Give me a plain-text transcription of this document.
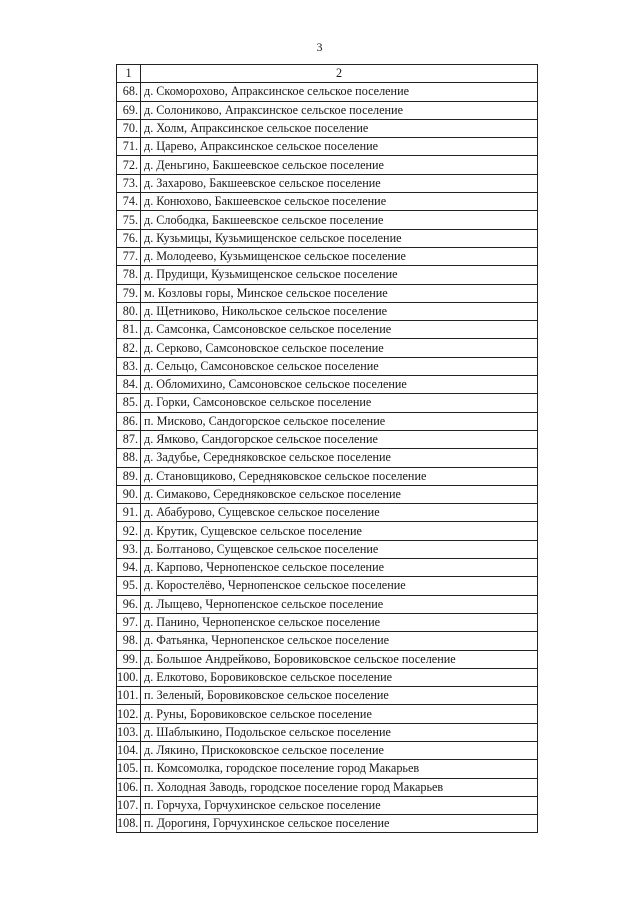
3
1	2
68.	д. Скоморохово, Апраксинское сельское поселение
69.	д. Солониково, Апраксинское сельское поселение
70.	д. Холм, Апраксинское сельское поселение
71.	д. Царево, Апраксинское сельское поселение
72.	д. Деньгино, Бакшеевское сельское поселение
73.	д. Захарово, Бакшеевское сельское поселение
74.	д. Конюхово, Бакшеевское сельское поселение
75.	д. Слободка, Бакшеевское сельское поселение
76.	д. Кузьмицы, Кузьмищенское сельское поселение
77.	д. Молодеево, Кузьмищенское сельское поселение
78.	д. Прудищи, Кузьмищенское сельское поселение
79.	м. Козловы горы, Минское сельское поселение
80.	д. Щетниково, Никольское сельское поселение
81.	д. Самсонка, Самсоновское сельское поселение
82.	д. Серково, Самсоновское сельское поселение
83.	д. Сельцо, Самсоновское сельское поселение
84.	д. Обломихино, Самсоновское сельское поселение
85.	д. Горки, Самсоновское сельское поселение
86.	п. Мисково, Сандогорское сельское поселение
87.	д. Ямково, Сандогорское сельское поселение
88.	д. Задубье, Середняковское сельское поселение
89.	д. Становщиково, Середняковское сельское поселение
90.	д. Симаково, Середняковское сельское поселение
91.	д. Абабурово, Сущевское сельское поселение
92.	д. Крутик, Сущевское сельское поселение
93.	д. Болтаново, Сущевское сельское поселение
94.	д. Карпово, Чернопенское сельское поселение
95.	д. Коростелёво, Чернопенское сельское поселение
96.	д. Лыщево, Чернопенское сельское поселение
97.	д. Панино, Чернопенское сельское поселение
98.	д. Фатьянка, Чернопенское сельское поселение
99.	д. Большое Андрейково, Боровиковское сельское поселение
100.	д. Елкотово, Боровиковское сельское поселение
101.	п. Зеленый, Боровиковское сельское поселение
102.	д. Руны, Боровиковское сельское поселение
103.	д. Шаблыкино, Подольское сельское поселение
104.	д. Лякино, Прискоковское сельское поселение
105.	п. Комсомолка, городское поселение город Макарьев
106.	п. Холодная Заводь, городское поселение город Макарьев
107.	п. Горчуха, Горчухинское сельское поселение
108.	п. Дорогиня, Горчухинское сельское поселение
